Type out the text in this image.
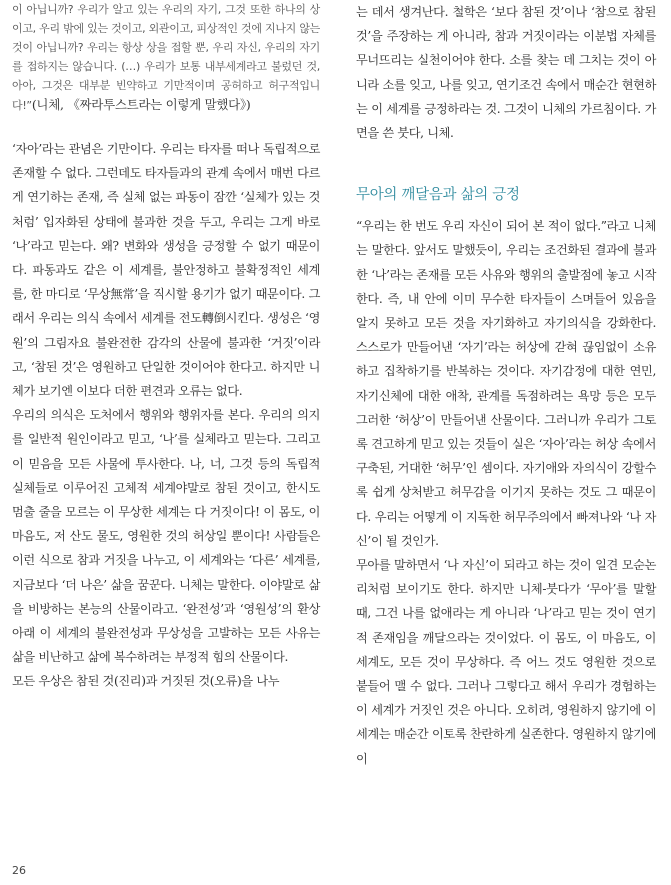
이 아닙니까? 우리가 알고 있는 우리의 자기, 그것 또한 하나의 상이고, 우리 밖에 있는 것이고, 외관이고, 피상적인 것에 지나지 않는 것이 아닙니까? 우리는 항상 상을 접할 뿐, 우리 자신, 우리의 자기를 접하지는 않습니다. (…) 우리가 보통 내부세계라고 불렀던 것, 아아, 그것은 대부분 빈약하고 기만적이며 공허하고 허구적입니다!”(니체, 《짜라투스트라는 이렇게 말했다》)

‘자아’라는 관념은 기만이다. 우리는 타자를 떠나 독립적으로 존재할 수 없다. 그런데도 타자들과의 관계 속에서 매번 다르게 연기하는 존재, 즉 실체 없는 파동이 잠깐 ‘실체가 있는 것처럼’ 입자화된 상태에 불과한 것을 두고, 우리는 그게 바로 ‘나’라고 믿는다. 왜? 변화와 생성을 긍정할 수 없기 때문이다. 파동과도 같은 이 세계를, 불안정하고 불확정적인 세계를, 한 마디로 ‘무상無常’을 직시할 용기가 없기 때문이다. 그래서 우리는 의식 속에서 세계를 전도轉倒시킨다. 생성은 ‘영원’의 그림자요 불완전한 감각의 산물에 불과한 ‘거짓’이라고, ‘참된 것’은 영원하고 단일한 것이어야 한다고. 하지만 니체가 보기엔 이보다 더한 편견과 오류는 없다.

우리의 의식은 도처에서 행위와 행위자를 본다. 우리의 의지를 일반적 원인이라고 믿고, ‘나’를 실체라고 믿는다. 그리고 이 믿음을 모든 사물에 투사한다. 나, 너, 그것 등의 독립적 실체들로 이루어진 고체적 세계야말로 참된 것이고, 한시도 멈출 줄을 모르는 이 무상한 세계는 다 거짓이다! 이 몸도, 이 마음도, 저 산도 물도, 영원한 것의 허상일 뿐이다! 사람들은 이런 식으로 참과 거짓을 나누고, 이 세계와는 ‘다른’ 세계를, 지금보다 ‘더 나은’ 삶을 꿈꾼다. 니체는 말한다. 이야말로 삶을 비방하는 본능의 산물이라고. ‘완전성’과 ‘영원성’의 환상 아래 이 세계의 불완전성과 무상성을 고발하는 모든 사유는 삶을 비난하고 삶에 복수하려는 부정적 힘의 산물이다.

모든 우상은 참된 것(진리)과 거짓된 것(오류)을 나누

는 데서 생겨난다. 철학은 ‘보다 참된 것’이나 ‘참으로 참된 것’을 주장하는 게 아니라, 참과 거짓이라는 이분법 자체를 무너뜨리는 실천이어야 한다. 소를 찾는 데 그치는 것이 아니라 소를 잊고, 나를 잊고, 연기조건 속에서 매순간 현현하는 이 세계를 긍정하라는 것. 그것이 니체의 가르침이다. 가면을 쓴 붓다, 니체.

무아의 깨달음과 삶의 긍정

“우리는 한 번도 우리 자신이 되어 본 적이 없다.”라고 니체는 말한다. 앞서도 말했듯이, 우리는 조건화된 결과에 불과한 ‘나’라는 존재를 모든 사유와 행위의 출발점에 놓고 시작한다. 즉, 내 안에 이미 무수한 타자들이 스며들어 있음을 알지 못하고 모든 것을 자기화하고 자기의식을 강화한다. 스스로가 만들어낸 ‘자기’라는 허상에 갇혀 끊임없이 소유하고 집착하기를 반복하는 것이다. 자기감정에 대한 연민, 자기신체에 대한 애착, 관계를 독점하려는 욕망 등은 모두 그러한 ‘허상’이 만들어낸 산물이다. 그러니까 우리가 그토록 견고하게 믿고 있는 것들이 실은 ‘자아’라는 허상 속에서 구축된, 거대한 ‘허무’인 셈이다. 자기애와 자의식이 강할수록 쉽게 상처받고 허무감을 이기지 못하는 것도 그 때문이다. 우리는 어떻게 이 지독한 허무주의에서 빠져나와 ‘나 자신’이 될 것인가.

무아를 말하면서 ‘나 자신’이 되라고 하는 것이 일견 모순논리처럼 보이기도 한다. 하지만 니체-붓다가 ‘무아’를 말할 때, 그건 나를 없애라는 게 아니라 ‘나’라고 믿는 것이 연기적 존재임을 깨달으라는 것이었다. 이 몸도, 이 마음도, 이 세계도, 모든 것이 무상하다. 즉 어느 것도 영원한 것으로 붙들어 맬 수 없다. 그러나 그렇다고 해서 우리가 경험하는 이 세계가 거짓인 것은 아니다. 오히려, 영원하지 않기에 이 세계는 매순간 이토록 찬란하게 실존한다. 영원하지 않기에 이

26
